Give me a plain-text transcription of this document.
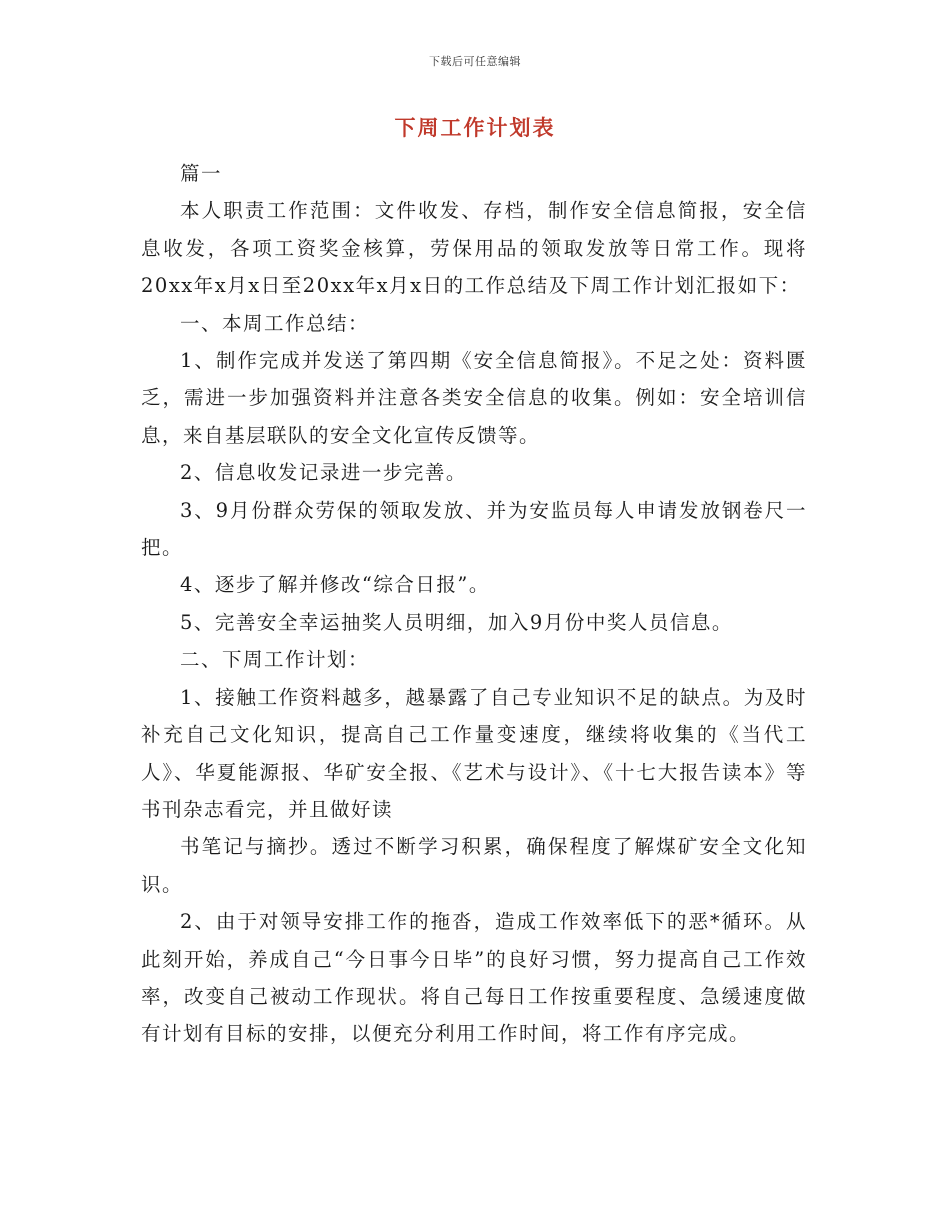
下载后可任意编辑
下周工作计划表

篇一

本人职责工作范围：文件收发、存档，制作安全信息简报，安全信息收发，各项工资奖金核算，劳保用品的领取发放等日常工作。现将20xx年x月x日至20xx年x月x日的工作总结及下周工作计划汇报如下：

一、本周工作总结：

1、制作完成并发送了第四期《安全信息简报》。不足之处：资料匮乏，需进一步加强资料并注意各类安全信息的收集。例如：安全培训信息，来自基层联队的安全文化宣传反馈等。

2、信息收发记录进一步完善。

3、9月份群众劳保的领取发放、并为安监员每人申请发放钢卷尺一把。

4、逐步了解并修改“综合日报”。

5、完善安全幸运抽奖人员明细，加入9月份中奖人员信息。

二、下周工作计划：

1、接触工作资料越多，越暴露了自己专业知识不足的缺点。为及时补充自己文化知识，提高自己工作量变速度，继续将收集的《当代工人》、华夏能源报、华矿安全报、《艺术与设计》、《十七大报告读本》等书刊杂志看完，并且做好读

书笔记与摘抄。透过不断学习积累，确保程度了解煤矿安全文化知识。

2、由于对领导安排工作的拖沓，造成工作效率低下的恶*循环。从此刻开始，养成自己“今日事今日毕”的良好习惯，努力提高自己工作效率，改变自己被动工作现状。将自己每日工作按重要程度、急缓速度做有计划有目标的安排，以便充分利用工作时间，将工作有序完成。
